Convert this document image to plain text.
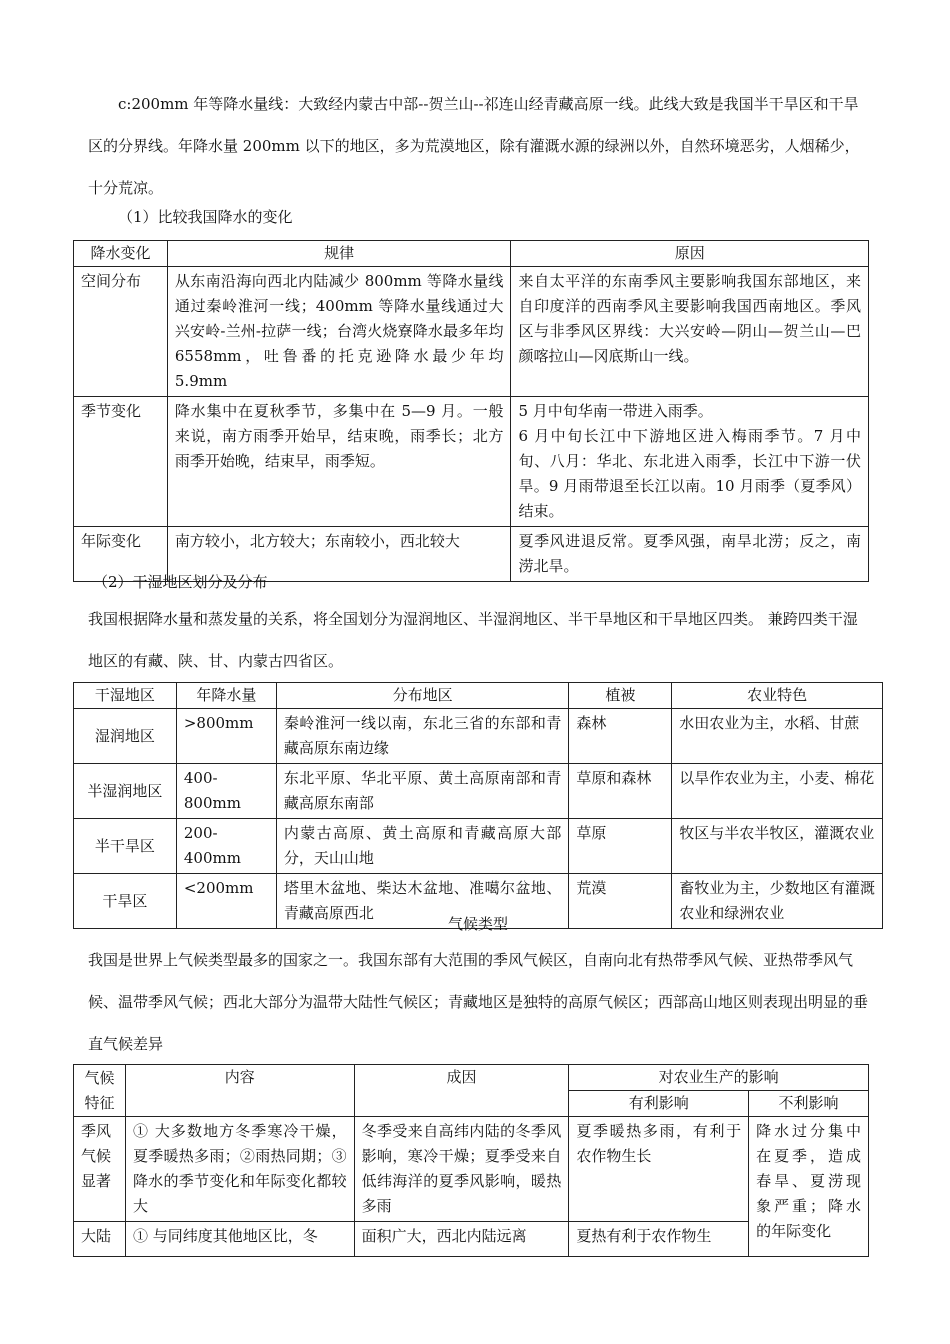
c:200mm 年等降水量线：大致经内蒙古中部--贺兰山--祁连山经青藏高原一线。此线大致是我国半干旱区和干旱区的分界线。年降水量 200mm 以下的地区，多为荒漠地区，除有灌溉水源的绿洲以外，自然环境恶劣，人烟稀少，十分荒凉。

（1）比较我国降水的变化
降水变化	规律	原因
空间分布	从东南沿海向西北内陆减少 800mm 等降水量线通过秦岭淮河一线；400mm 等降水量线通过大兴安岭-兰州-拉萨一线；台湾火烧寮降水最多年均 6558mm，吐鲁番的托克逊降水最少年均 5.9mm	来自太平洋的东南季风主要影响我国东部地区，来自印度洋的西南季风主要影响我国西南地区。季风区与非季风区界线：大兴安岭—阴山—贺兰山—巴颜喀拉山—冈底斯山一线。
季节变化	降水集中在夏秋季节，多集中在 5—9 月。一般来说，南方雨季开始早，结束晚，雨季长；北方雨季开始晚，结束早，雨季短。	5 月中旬华南一带进入雨季。
6 月中旬长江中下游地区进入梅雨季节。7 月中旬、八月：华北、东北进入雨季，长江中下游一伏旱。9 月雨带退至长江以南。10 月雨季（夏季风）结束。

年际变化	南方较小，北方较大；东南较小，西北较大	夏季风进退反常。夏季风强，南旱北涝；反之，南涝北旱。
（2）干湿地区划分及分布

我国根据降水量和蒸发量的关系，将全国划分为湿润地区、半湿润地区、半干旱地区和干旱地区四类。 兼跨四类干湿地区的有藏、陕、甘、内蒙古四省区。

干湿地区	年降水量	分布地区	植被	农业特色
湿润地区	>800mm	秦岭淮河一线以南，东北三省的东部和青藏高原东南边缘	森林	水田农业为主，水稻、甘蔗
半湿润地区	400-800mm	东北平原、华北平原、黄土高原南部和青藏高原东南部	草原和森林	以旱作农业为主，小麦、棉花
半干旱区	200-400mm	内蒙古高原、黄土高原和青藏高原大部分，天山山地	草原	牧区与半农半牧区，灌溉农业
干旱区	<200mm	塔里木盆地、柴达木盆地、准噶尔盆地、青藏高原西北	荒漠	畜牧业为主，少数地区有灌溉农业和绿洲农业
气候类型

我国是世界上气候类型最多的国家之一。我国东部有大范围的季风气候区，自南向北有热带季风气候、亚热带季风气候、温带季风气候；西北大部分为温带大陆性气候区；青藏地区是独特的高原气候区；西部高山地区则表现出明显的垂直气候差异

气候特征	内容	成因	对农业生产的影响	
			有利影响	不利影响
季风气候显著	① 大多数地方冬季寒冷干燥，夏季暖热多雨；②雨热同期；③降水的季节变化和年际变化都较大	冬季受来自高纬内陆的冬季风影响，寒冷干燥；夏季受来自低纬海洋的夏季风影响，暖热多雨	夏季暖热多雨，有利于农作物生长	降水过分集中在夏季，造成春旱、夏涝现象严重；降水的年际变化
大陆	① 与同纬度其他地区比，冬	面积广大，西北内陆远离	夏热有利于农作物生	
